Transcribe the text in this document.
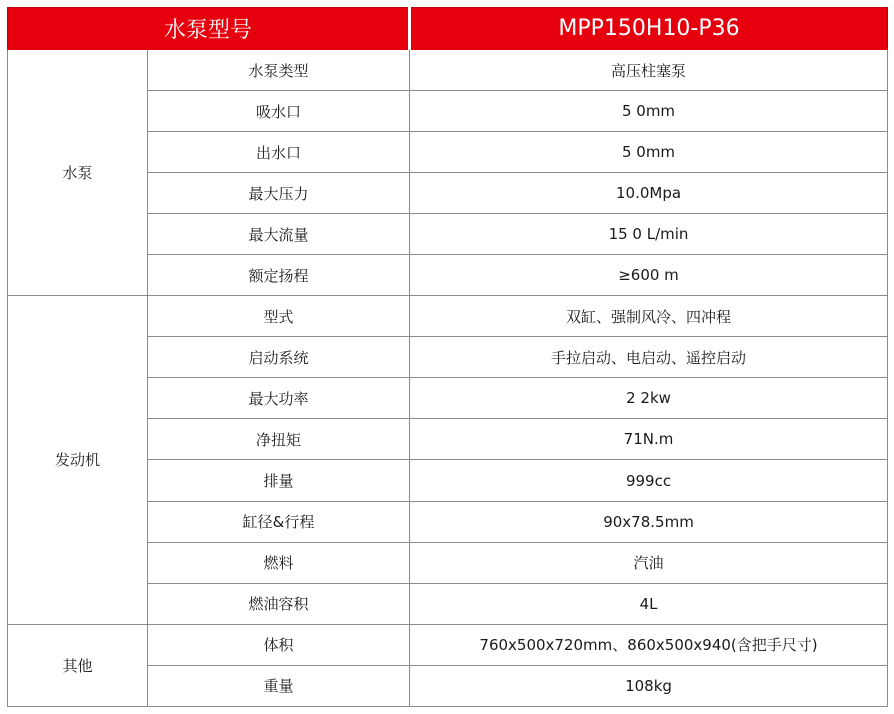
水泵型号		MPP150H10-P36
水泵	水泵类型	高压柱塞泵
	吸水口	5 0mm
	出水口	5 0mm
	最大压力	10.0Mpa
	最大流量	15 0 L/min
	额定扬程	≥600 m
发动机	型式	双缸、强制风冷、四冲程
	启动系统	手拉启动、电启动、遥控启动
	最大功率	2 2kw
	净扭矩	71N.m
	排量	999cc
	缸径&行程	90x78.5mm
	燃料	汽油
	燃油容积	4L
其他	体积	760x500x720mm、860x500x940(含把手尺寸)
	重量	108kg
